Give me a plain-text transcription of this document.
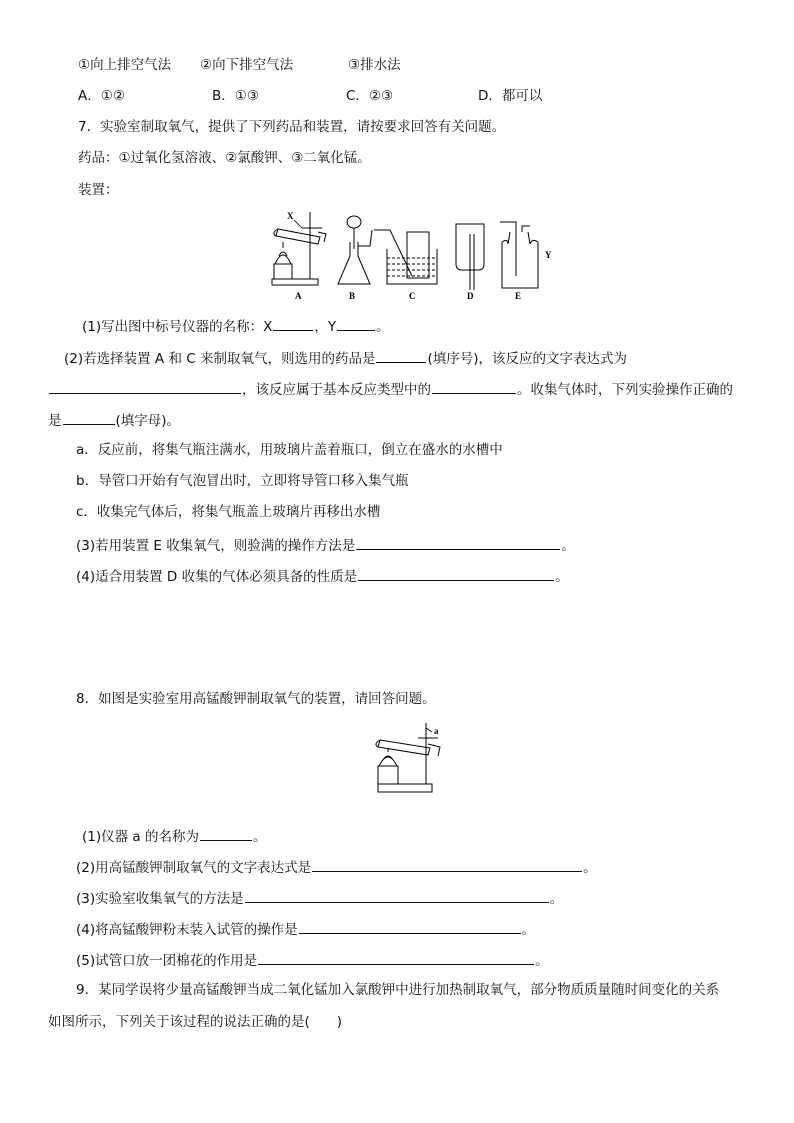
①向上排空气法 ②向下排空气法	③排水法
A．①②	B．①③	C．②③	D．都可以
7．实验室制取氧气，提供了下列药品和装置，请按要求回答有关问题。
药品：①过氧化氢溶液、②氯酸钾、③二氧化锰。
装置：
X
A	B	C	D
Y
E
(1)写出图中标号仪器的名称：X	，Y	。
(2)若选择装置 A 和 C 来制取氧气，则选用的药品是	(填序号)，该反应的文字表达式为
，该反应属于基本反应类型中的	。收集气体时，下列实验操作正确的
是	(填字母)。
a．反应前，将集气瓶注满水，用玻璃片盖着瓶口，倒立在盛水的水槽中
b．导管口开始有气泡冒出时，立即将导管口移入集气瓶
c．收集完气体后，将集气瓶盖上玻璃片再移出水槽
(3)若用装置 E 收集氧气，则验满的操作方法是	。
(4)适合用装置 D 收集的气体必须具备的性质是	。
8．如图是实验室用高锰酸钾制取氧气的装置，请回答问题。
a
(1)仪器 a 的名称为	。
(2)用高锰酸钾制取氧气的文字表达式是	。
(3)实验室收集氧气的方法是	。
(4)将高锰酸钾粉末装入试管的操作是	。
(5)试管口放一团棉花的作用是	。
9．某同学误将少量高锰酸钾当成二氧化锰加入氯酸钾中进行加热制取氧气，部分物质质量随时间变化的关系
如图所示，下列关于该过程的说法正确的是(　　)
